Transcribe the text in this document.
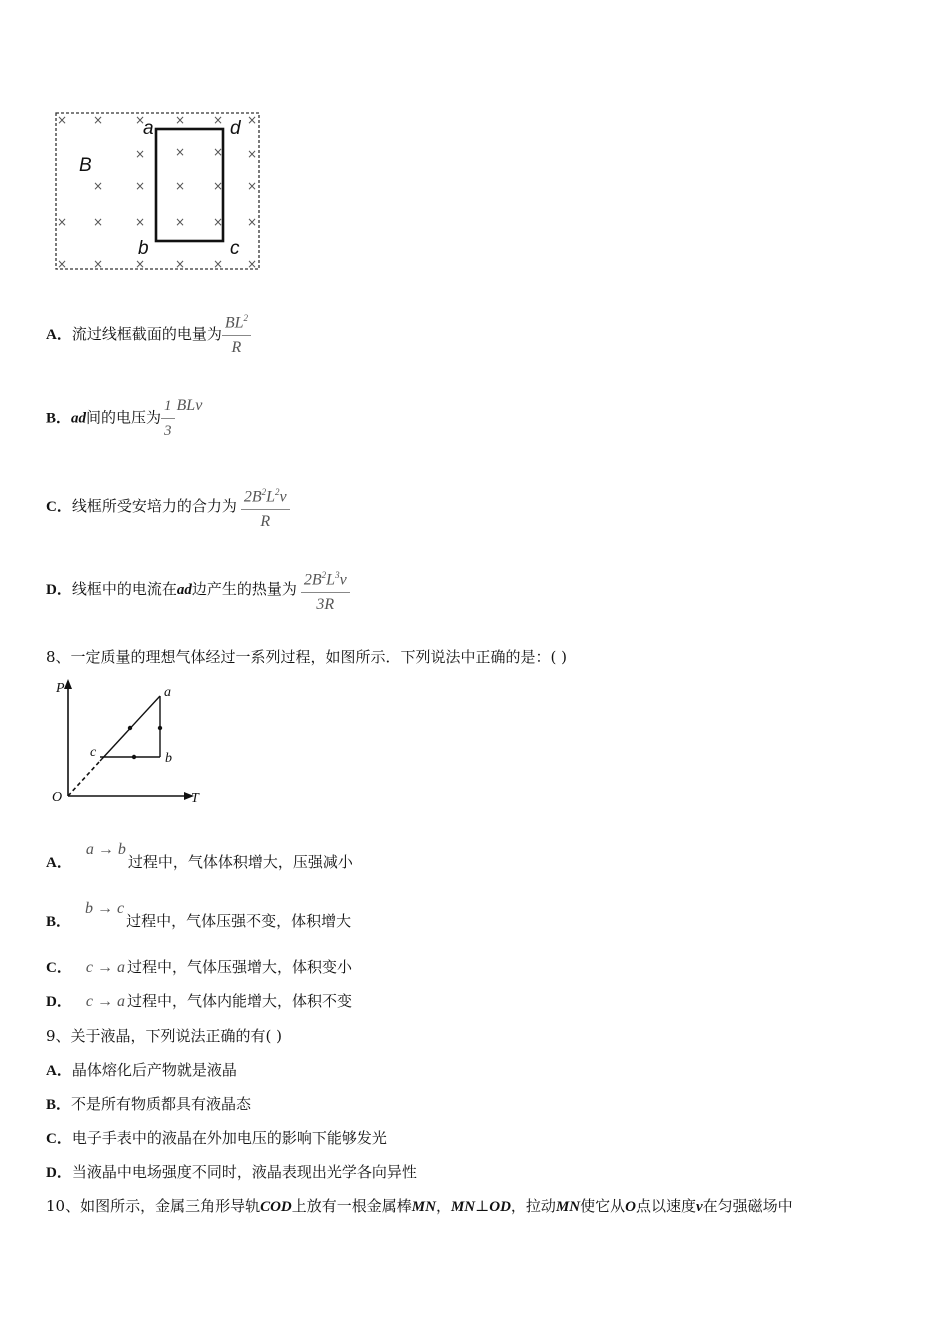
× ×	× × × ×
× × × ×
×	× × × ×
× ×	× × × ×
× ×	× × × ×
a	d
b	c
B
A．流过线框截面的电量为 $\frac{BL^2}{R}$
B．ad间的电压为 $\frac{1}{3}$ BLv
C．线框所受安培力的合力为 $\frac{2B^2L^2v}{R}$
D．线框中的电流在ad边产生的热量为 $\frac{2B^2L^3v}{3R}$
8、一定质量的理想气体经过一系列过程，如图所示．下列说法中正确的是：( )
P
T
O
a
b
c
A．a → b过程中，气体体积增大，压强减小
B．b → c过程中，气体压强不变，体积增大
C． c → a 过程中，气体压强增大，体积变小
D． c → a 过程中，气体内能增大，体积不变
9、关于液晶，下列说法正确的有( )
A．晶体熔化后产物就是液晶
B．不是所有物质都具有液晶态
C．电子手表中的液晶在外加电压的影响下能够发光
D．当液晶中电场强度不同时，液晶表现出光学各向异性
10、如图所示，金属三角形导轨COD上放有一根金属棒MN，MN⊥OD，拉动MN使它从O点以速度v在匀强磁场中
